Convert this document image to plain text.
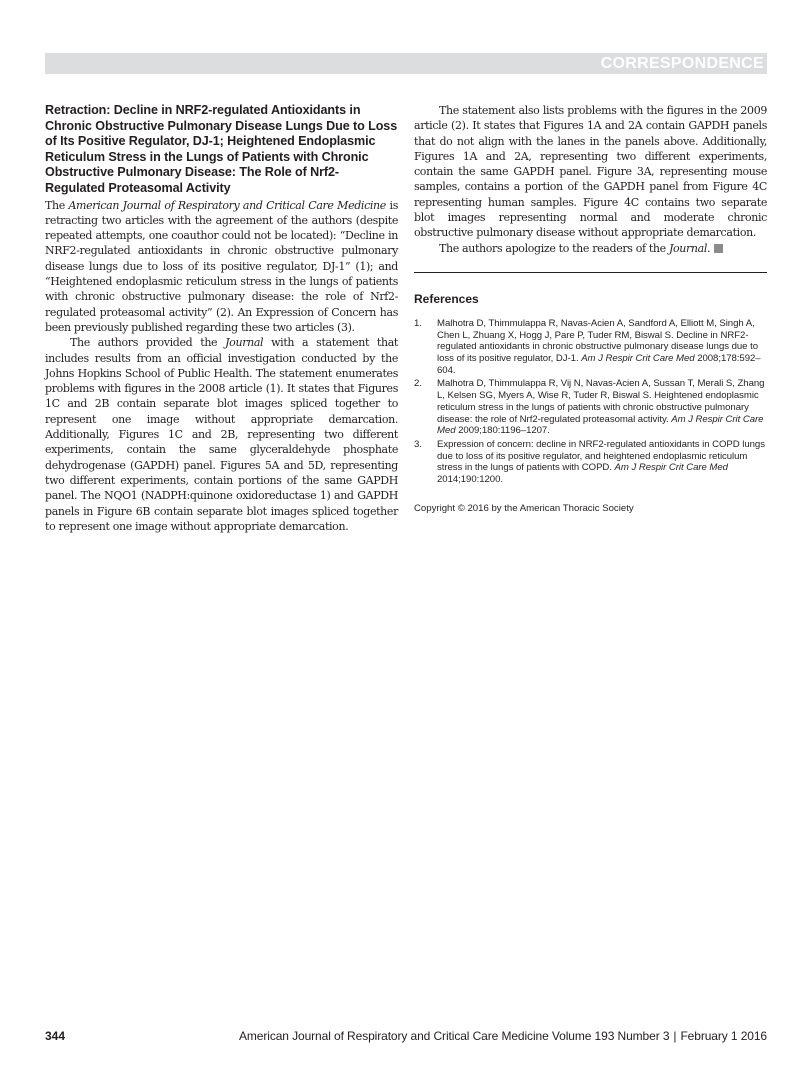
CORRESPONDENCE
Retraction: Decline in NRF2-regulated Antioxidants in Chronic Obstructive Pulmonary Disease Lungs Due to Loss of Its Positive Regulator, DJ-1; Heightened Endoplasmic Reticulum Stress in the Lungs of Patients with Chronic Obstructive Pulmonary Disease: The Role of Nrf2-Regulated Proteasomal Activity

The American Journal of Respiratory and Critical Care Medicine is retracting two articles with the agreement of the authors (despite repeated attempts, one coauthor could not be located): “Decline in NRF2-regulated antioxidants in chronic obstructive pulmonary disease lungs due to loss of its positive regulator, DJ-1” (1); and “Heightened endoplasmic reticulum stress in the lungs of patients with chronic obstructive pulmonary disease: the role of Nrf2-regulated proteasomal activity” (2). An Expression of Concern has been previously published regarding these two articles (3).

The authors provided the Journal with a statement that includes results from an official investigation conducted by the Johns Hopkins School of Public Health. The statement enumerates problems with figures in the 2008 article (1). It states that Figures 1C and 2B contain separate blot images spliced together to represent one image without appropriate demarcation. Additionally, Figures 1C and 2B, representing two different experiments, contain the same glyceraldehyde phosphate dehydrogenase (GAPDH) panel. Figures 5A and 5D, representing two different experiments, contain portions of the same GAPDH panel. The NQO1 (NADPH:quinone oxidoreductase 1) and GAPDH panels in Figure 6B contain separate blot images spliced together to represent one image without appropriate demarcation.

The statement also lists problems with the figures in the 2009 article (2). It states that Figures 1A and 2A contain GAPDH panels that do not align with the lanes in the panels above. Additionally, Figures 1A and 2A, representing two different experiments, contain the same GAPDH panel. Figure 3A, representing mouse samples, contains a portion of the GAPDH panel from Figure 4C representing human samples. Figure 4C contains two separate blot images representing normal and moderate chronic obstructive pulmonary disease without appropriate demarcation.

The authors apologize to the readers of the Journal.

References
1. Malhotra D, Thimmulappa R, Navas-Acien A, Sandford A, Elliott M, Singh A, Chen L, Zhuang X, Hogg J, Pare P, Tuder RM, Biswal S. Decline in NRF2-regulated antioxidants in chronic obstructive pulmonary disease lungs due to loss of its positive regulator, DJ-1. Am J Respir Crit Care Med 2008;178:592–604.
2. Malhotra D, Thimmulappa R, Vij N, Navas-Acien A, Sussan T, Merali S, Zhang L, Kelsen SG, Myers A, Wise R, Tuder R, Biswal S. Heightened endoplasmic reticulum stress in the lungs of patients with chronic obstructive pulmonary disease: the role of Nrf2-regulated proteasomal activity. Am J Respir Crit Care Med 2009;180:1196–1207.
3. Expression of concern: decline in NRF2-regulated antioxidants in COPD lungs due to loss of its positive regulator, and heightened endoplasmic reticulum stress in the lungs of patients with COPD. Am J Respir Crit Care Med 2014;190:1200.

Copyright © 2016 by the American Thoracic Society

344	American Journal of Respiratory and Critical Care Medicine Volume 193 Number 3 | February 1 2016
